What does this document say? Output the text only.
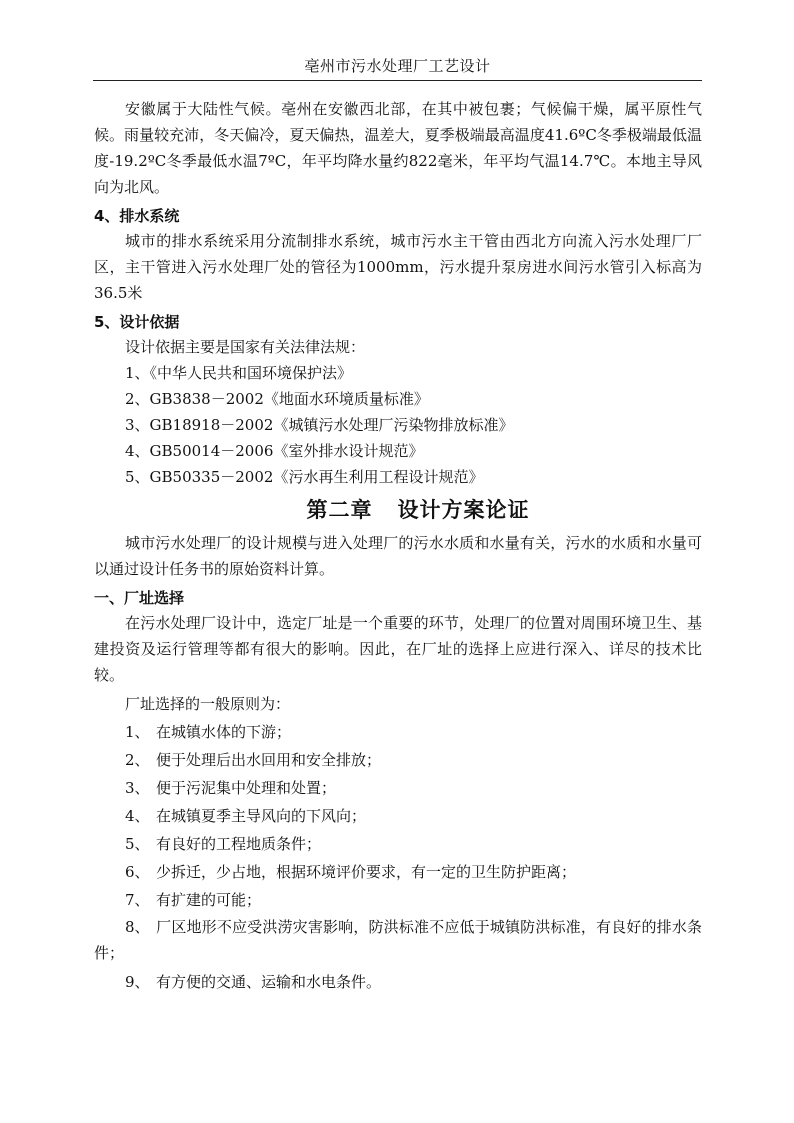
亳州市污水处理厂工艺设计

安徽属于大陆性气候。亳州在安徽西北部，在其中被包裹；气候偏干燥，属平原性气候。雨量较充沛，冬天偏冷，夏天偏热，温差大，夏季极端最高温度41.6ºC冬季极端最低温度-19.2ºC冬季最低水温7ºC，年平均降水量约822毫米，年平均气温14.7℃。本地主导风向为北风。

4、排水系统

城市的排水系统采用分流制排水系统，城市污水主干管由西北方向流入污水处理厂厂区，主干管进入污水处理厂处的管径为1000mm，污水提升泵房进水间污水管引入标高为36.5米

5、设计依据

设计依据主要是国家有关法律法规：

1、《中华人民共和国环境保护法》

2、GB3838－2002《地面水环境质量标准》

3、GB18918－2002《城镇污水处理厂污染物排放标准》

4、GB50014－2006《室外排水设计规范》

5、GB50335－2002《污水再生利用工程设计规范》

第二章   设计方案论证

城市污水处理厂的设计规模与进入处理厂的污水水质和水量有关，污水的水质和水量可以通过设计任务书的原始资料计算。

一、厂址选择

在污水处理厂设计中，选定厂址是一个重要的环节，处理厂的位置对周围环境卫生、基建投资及运行管理等都有很大的影响。因此，在厂址的选择上应进行深入、详尽的技术比较。

厂址选择的一般原则为：

1、 在城镇水体的下游；

2、 便于处理后出水回用和安全排放；

3、 便于污泥集中处理和处置；

4、 在城镇夏季主导风向的下风向；

5、 有良好的工程地质条件；

6、 少拆迁，少占地，根据环境评价要求，有一定的卫生防护距离；

7、 有扩建的可能；

8、 厂区地形不应受洪涝灾害影响，防洪标准不应低于城镇防洪标准，有良好的排水条件；

9、 有方便的交通、运输和水电条件。
